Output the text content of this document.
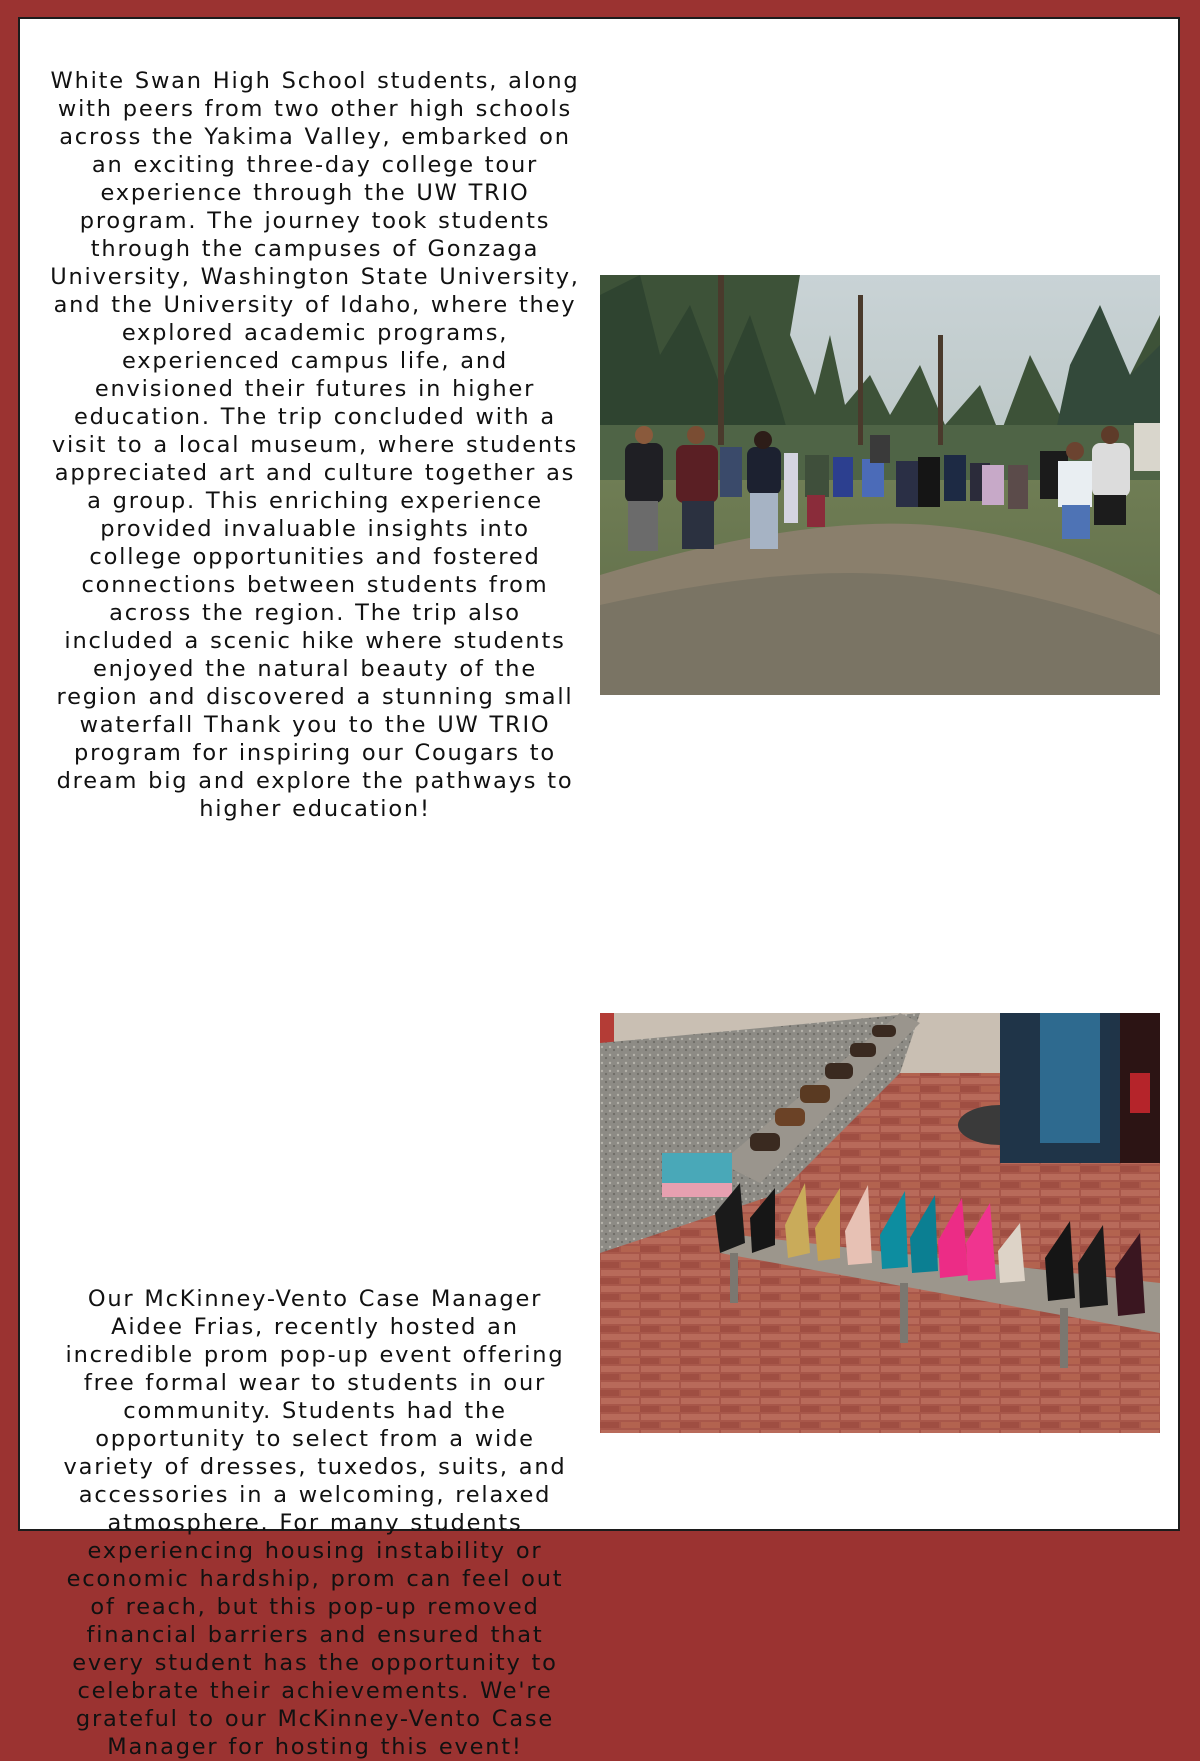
White Swan High School students, along with peers from two other high schools across the Yakima Valley, embarked on an exciting three-day college tour experience through the UW TRIO program. The journey took students through the campuses of Gonzaga University, Washington State University, and the University of Idaho, where they explored academic programs, experienced campus life, and envisioned their futures in higher education. The trip concluded with a visit to a local museum, where students appreciated art and culture together as a group. This enriching experience provided invaluable insights into college opportunities and fostered connections between students from across the region. The trip also included a scenic hike where students enjoyed the natural beauty of the region and discovered a stunning small waterfall Thank you to the UW TRIO program for inspiring our Cougars to dream big and explore the pathways to higher education!

Our McKinney-Vento Case Manager Aidee Frias, recently hosted an incredible prom pop-up event offering free formal wear to students in our community. Students had the opportunity to select from a wide variety of dresses, tuxedos, suits, and accessories in a welcoming, relaxed atmosphere. For many students experiencing housing instability or economic hardship, prom can feel out of reach, but this pop-up removed financial barriers and ensured that every student has the opportunity to celebrate their achievements. We're grateful to our McKinney-Vento Case Manager for hosting this event!
